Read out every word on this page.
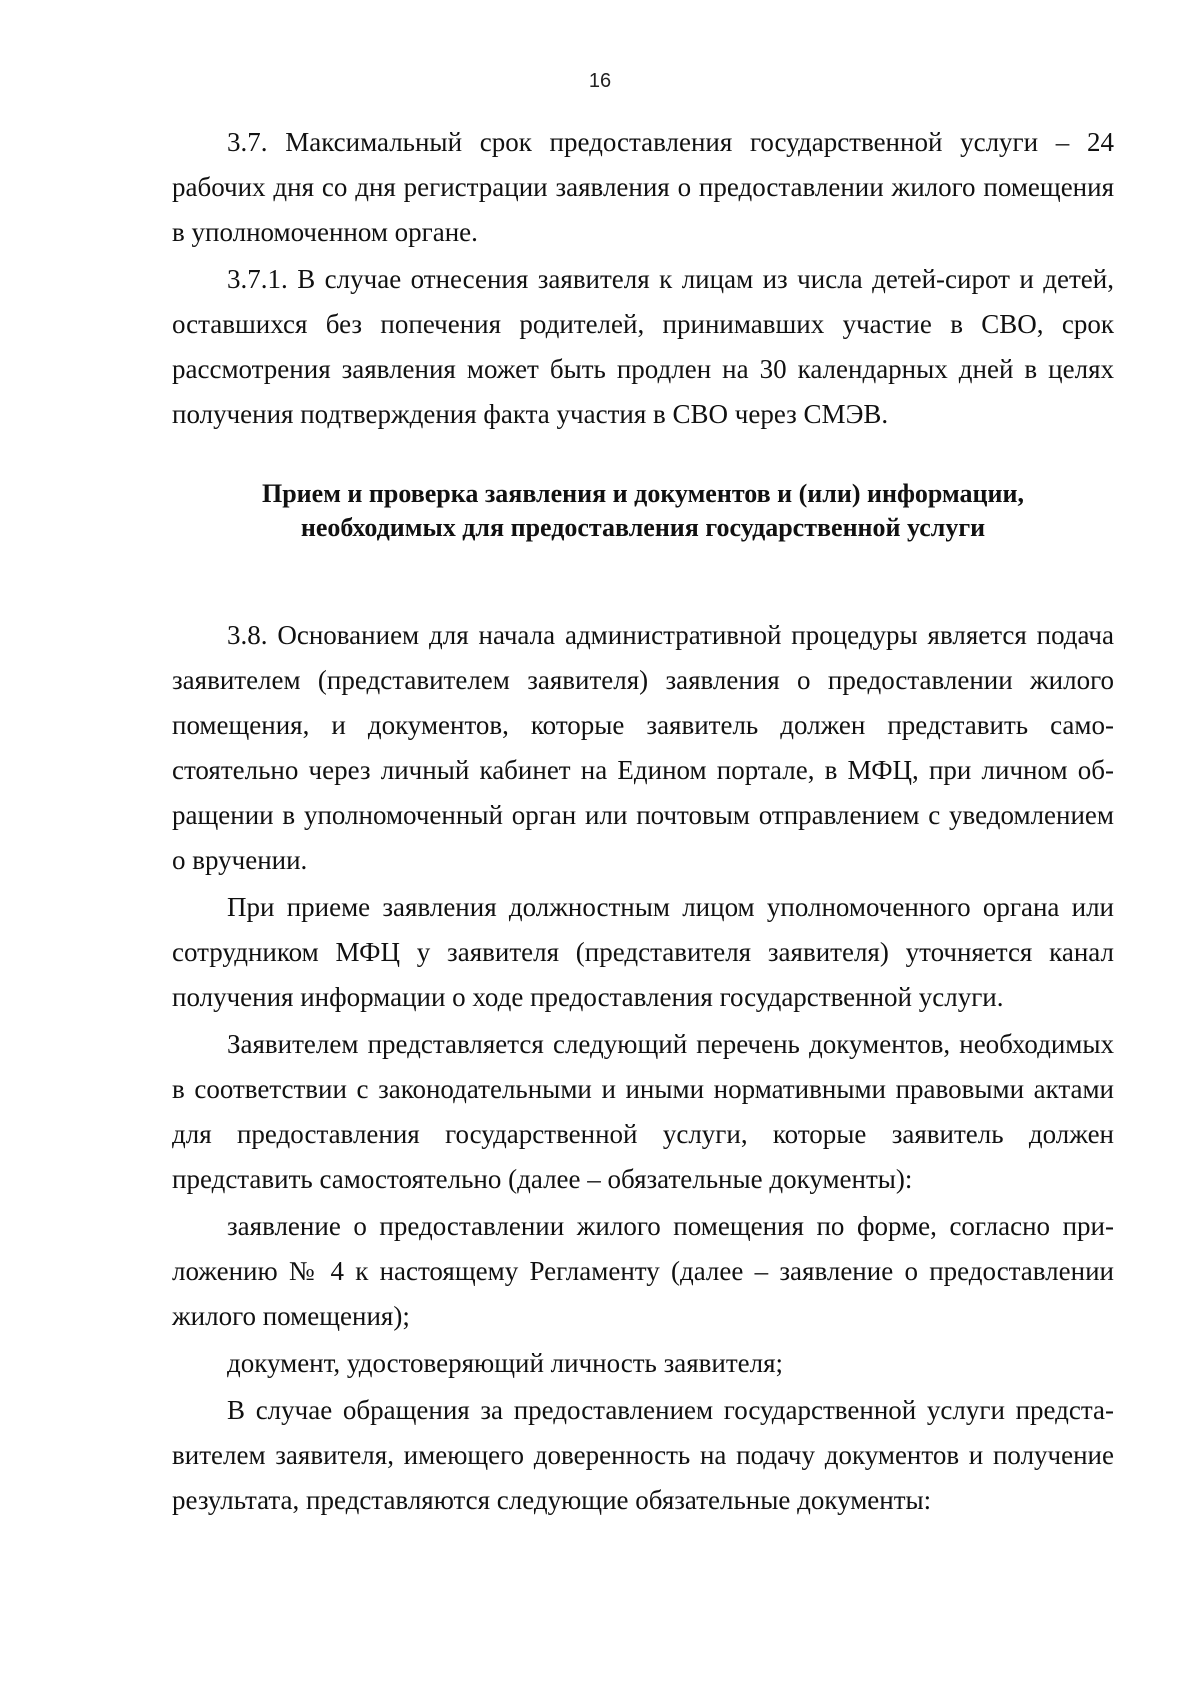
16

3.7. Максимальный срок предоставления государственной услуги – 24 рабочих дня со дня регистрации заявления о предоставлении жилого помещения в уполномоченном органе.

3.7.1. В случае отнесения заявителя к лицам из числа детей-сирот и детей, оставшихся без попечения родителей, принимавших участие в СВО, срок рассмотрения заявления может быть продлен на 30 календарных дней в целях получения подтверждения факта участия в СВО через СМЭВ.

Прием и проверка заявления и документов и (или) информации,
необходимых для предоставления государственной услуги

3.8. Основанием для начала административной процедуры является подача заявителем (представителем заявителя) заявления о предоставлении жилого помещения, и документов, которые заявитель должен представить самостоятельно через личный кабинет на Едином портале, в МФЦ, при личном обращении в уполномоченный орган или почтовым отправлением с уведомлением о вручении.

При приеме заявления должностным лицом уполномоченного органа или сотрудником МФЦ у заявителя (представителя заявителя) уточняется канал получения информации о ходе предоставления государственной услуги.

Заявителем представляется следующий перечень документов, необходимых в соответствии с законодательными и иными нормативными правовыми актами для предоставления государственной услуги, которые заявитель должен представить самостоятельно (далее – обязательные документы):

заявление о предоставлении жилого помещения по форме, согласно приложению № 4 к настоящему Регламенту (далее – заявление о предоставлении жилого помещения);

документ, удостоверяющий личность заявителя;

В случае обращения за предоставлением государственной услуги представителем заявителя, имеющего доверенность на подачу документов и получение результата, представляются следующие обязательные документы:
